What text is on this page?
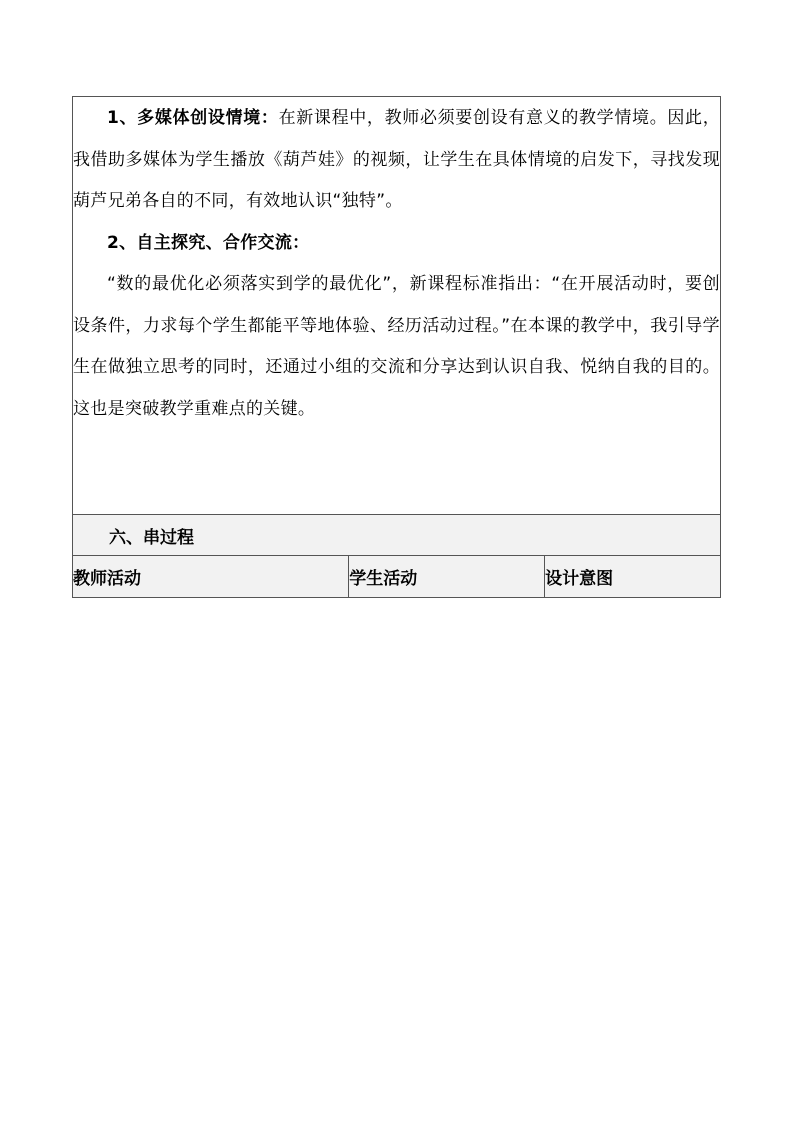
1、多媒体创设情境：在新课程中，教师必须要创设有意义的教学情境。因此，我借助多媒体为学生播放《葫芦娃》的视频，让学生在具体情境的启发下，寻找发现葫芦兄弟各自的不同，有效地认识“独特”。

2、自主探究、合作交流：

“数的最优化必须落实到学的最优化”，新课程标准指出：“在开展活动时，要创设条件，力求每个学生都能平等地体验、经历活动过程。”在本课的教学中，我引导学生在做独立思考的同时，还通过小组的交流和分享达到认识自我、悦纳自我的目的。这也是突破教学重难点的关键。

六、串过程
教师活动	学生活动	设计意图
